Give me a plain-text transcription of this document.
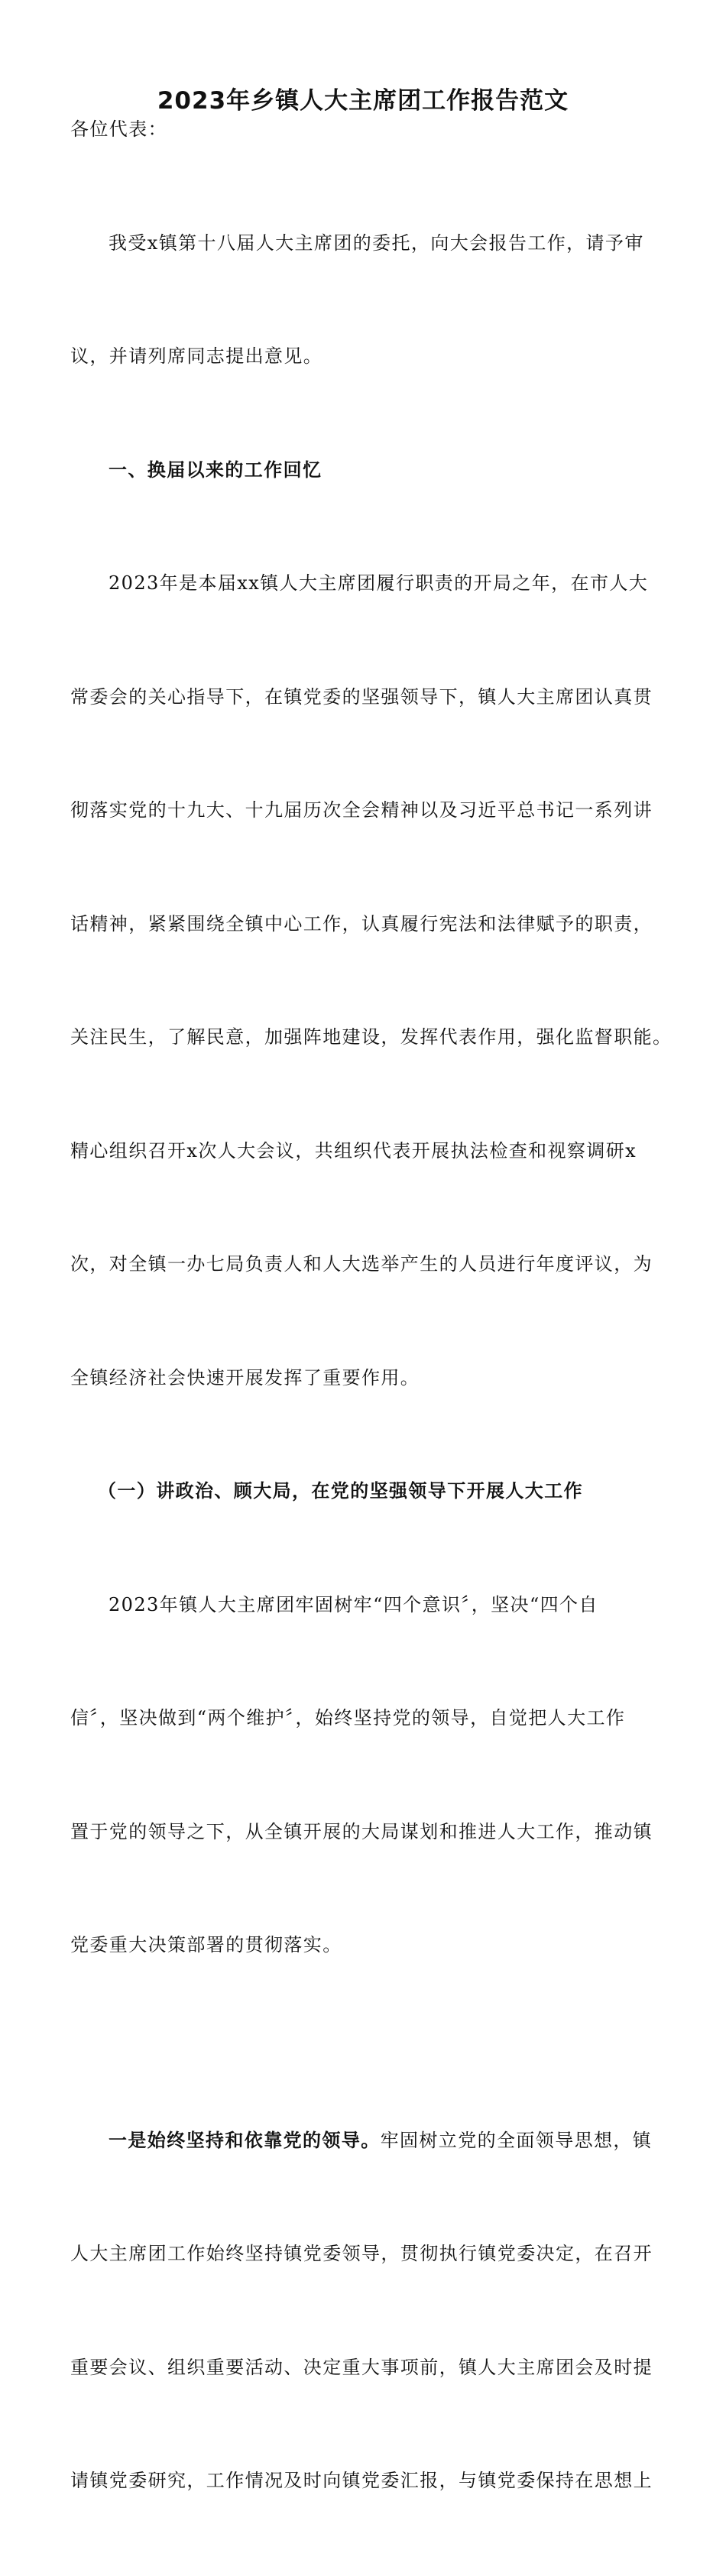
2023年乡镇人大主席团工作报告范文

各位代表：

我受x镇第十八届人大主席团的委托，向大会报告工作，请予审

议，并请列席同志提出意见。

一、换届以来的工作回忆

2023年是本届xx镇人大主席团履行职责的开局之年，在市人大

常委会的关心指导下，在镇党委的坚强领导下，镇人大主席团认真贯

彻落实党的十九大、十九届历次全会精神以及习近平总书记一系列讲

话精神，紧紧围绕全镇中心工作，认真履行宪法和法律赋予的职责，

关注民生，了解民意，加强阵地建设，发挥代表作用，强化监督职能。

精心组织召开x次人大会议，共组织代表开展执法检查和视察调研x

次，对全镇一办七局负责人和人大选举产生的人员进行年度评议，为

全镇经济社会快速开展发挥了重要作用。

（一）讲政治、顾大局，在党的坚强领导下开展人大工作

2023年镇人大主席团牢固树牢“四个意识〞，坚决“四个自

信〞，坚决做到“两个维护〞，始终坚持党的领导，自觉把人大工作

置于党的领导之下，从全镇开展的大局谋划和推进人大工作，推动镇

党委重大决策部署的贯彻落实。

一是始终坚持和依靠党的领导。牢固树立党的全面领导思想，镇

人大主席团工作始终坚持镇党委领导，贯彻执行镇党委决定，在召开

重要会议、组织重要活动、决定重大事项前，镇人大主席团会及时提

请镇党委研究，工作情况及时向镇党委汇报，与镇党委保持在思想上
